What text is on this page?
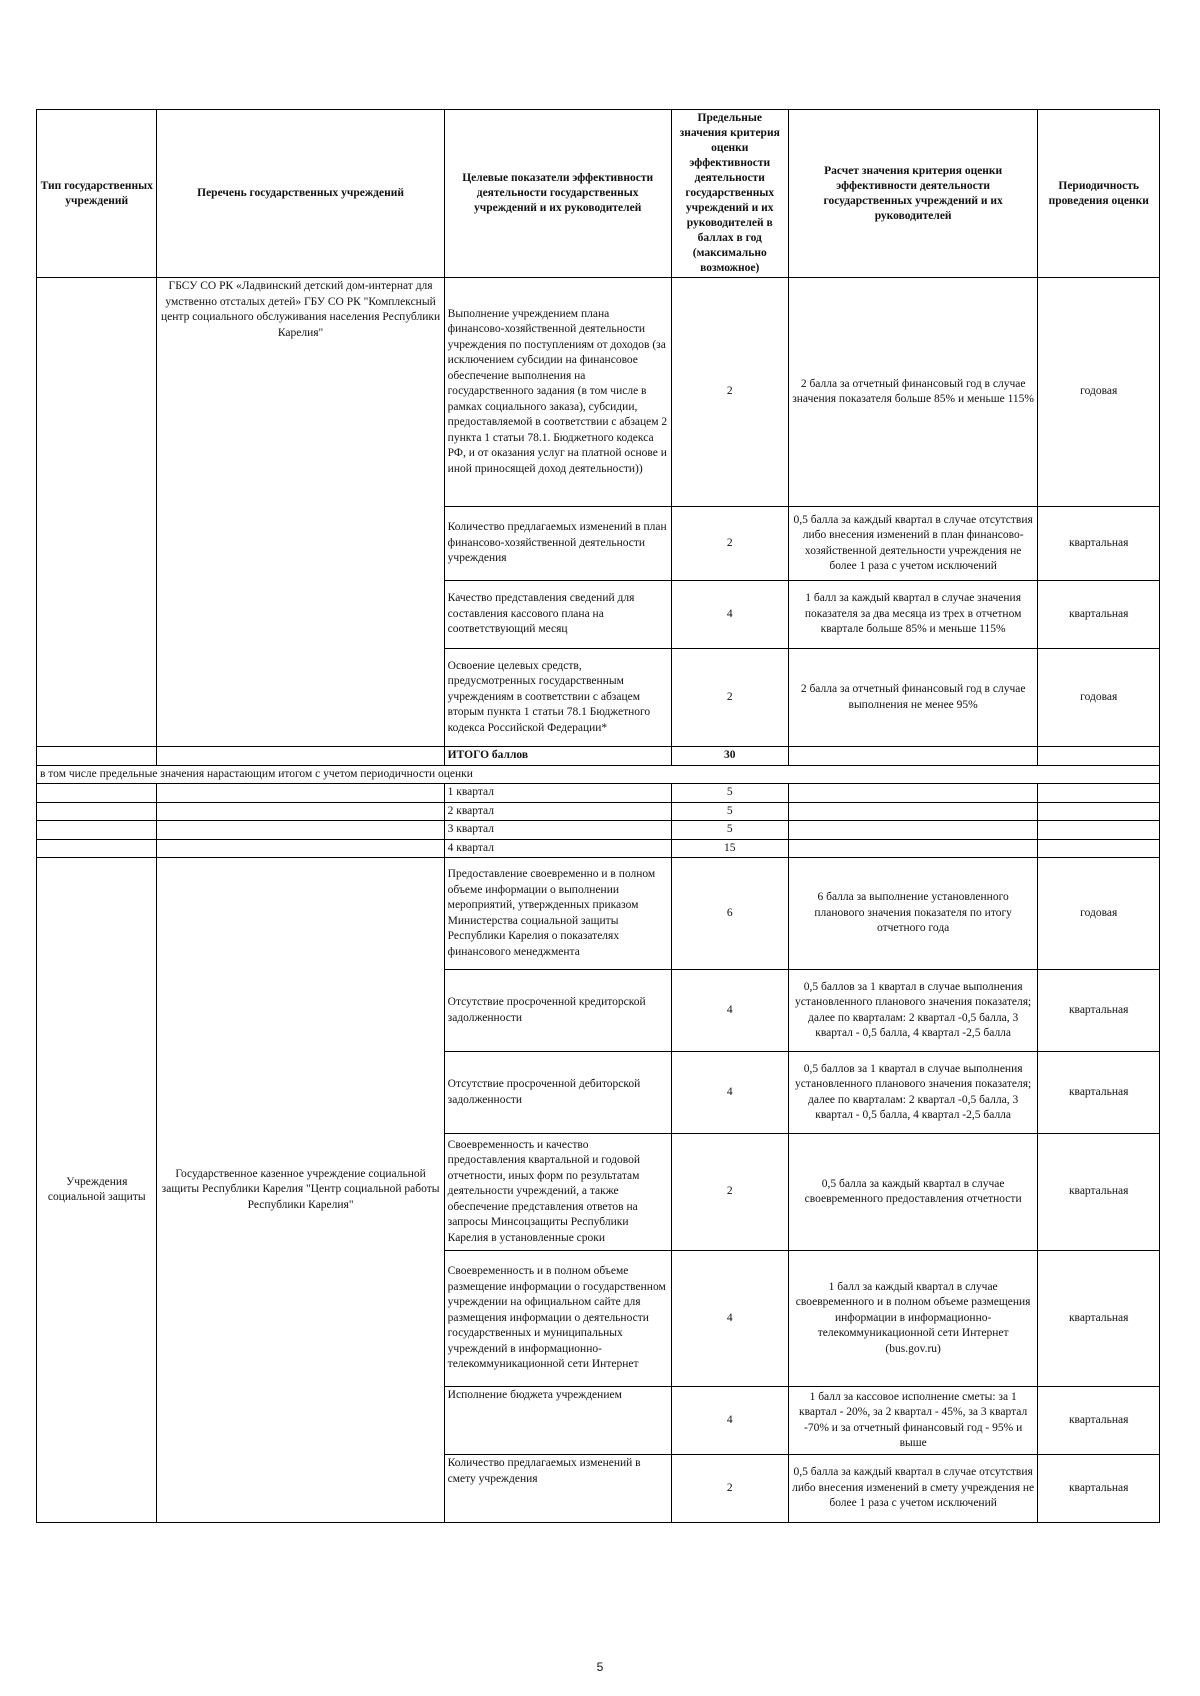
Тип государственных учреждений	Перечень государственных учреждений	Целевые показатели эффективности деятельности государственных учреждений и их руководителей	Предельные значения критерия оценки эффективности деятельности государственных учреждений и их руководителей в баллах в год (максимально возможное)	Расчет значения критерия оценки эффективности деятельности государственных учреждений и их руководителей	Периодичность проведения оценки
	ГБСУ СО РК «Ладвинский детский дом-интернат для умственно отсталых детей» ГБУ СО РК "Комплексный центр социального обслуживания населения Республики Карелия"	Выполнение учреждением плана финансово-хозяйственной деятельности учреждения по поступлениям от доходов (за исключением субсидии на финансовое обеспечение выполнения на государственного задания (в том числе в рамках социального заказа), субсидии, предоставляемой в соответствии с абзацем 2 пункта 1 статьи 78.1. Бюджетного кодекса РФ, и от оказания услуг на платной основе и иной приносящей доход деятельности))	2	2 балла за отчетный финансовый год в случае значения показателя больше 85% и меньше 115%	годовая
		Количество предлагаемых изменений в план финансово-хозяйственной деятельности учреждения	2	0,5 балла за каждый квартал в случае отсутствия либо внесения изменений в план финансово-хозяйственной деятельности учреждения не более 1 раза с учетом исключений	квартальная
		Качество представления сведений для составления кассового плана на соответствующий месяц	4	1 балл за каждый квартал в случае значения показателя за два месяца из трех в отчетном квартале больше 85% и меньше 115%	квартальная
		Освоение целевых средств, предусмотренных государственным учреждениям в соответствии с абзацем вторым пункта 1 статьи 78.1 Бюджетного кодекса Российской Федерации*	2	2 балла за отчетный финансовый год в случае выполнения не менее 95%	годовая
		ИТОГО баллов	30		
в том числе предельные значения нарастающим итогом с учетом периодичности оценки					
		1 квартал	5		
		2 квартал	5		
		3 квартал	5		
		4 квартал	15		
Учреждения социальной защиты	Государственное казенное учреждение социальной защиты Республики Карелия "Центр социальной работы Республики Карелия"	Предоставление своевременно и в полном объеме информации о выполнении мероприятий, утвержденных приказом Министерства социальной защиты Республики Карелия о показателях финансового менеджмента	6	6 балла за выполнение установленного планового значения показателя по итогу отчетного года	годовая
		Отсутствие просроченной кредиторской задолженности	4	0,5 баллов за 1 квартал в случае выполнения установленного планового значения показателя; далее по кварталам: 2 квартал -0,5 балла, 3 квартал - 0,5 балла, 4 квартал -2,5 балла	квартальная
		Отсутствие просроченной дебиторской задолженности	4	0,5 баллов за 1 квартал в случае выполнения установленного планового значения показателя; далее по кварталам: 2 квартал -0,5 балла, 3 квартал - 0,5 балла, 4 квартал -2,5 балла	квартальная
		Своевременность и качество предоставления квартальной и годовой отчетности, иных форм по результатам деятельности учреждений, а также обеспечение представления ответов на запросы Минсоцзащиты Республики Карелия в установленные сроки	2	0,5 балла за каждый квартал в случае своевременного предоставления отчетности	квартальная
		Своевременность и в полном объеме размещение информации о государственном учреждении на официальном сайте для размещения информации о деятельности государственных и муниципальных учреждений в информационно-телекоммуникационной сети Интернет	4	1 балл за каждый квартал в случае своевременного и в полном объеме размещения информации в информационно-телекоммуникационной сети Интернет (bus.gov.ru)	квартальная
		Исполнение бюджета учреждением	4	1 балл за кассовое исполнение сметы: за 1 квартал - 20%, за 2 квартал - 45%, за 3 квартал -70% и за отчетный финансовый год - 95% и выше	квартальная
		Количество предлагаемых изменений в смету учреждения	2	0,5 балла за каждый квартал в случае отсутствия либо внесения изменений в смету учреждения не более 1 раза с учетом исключений	квартальная
5
